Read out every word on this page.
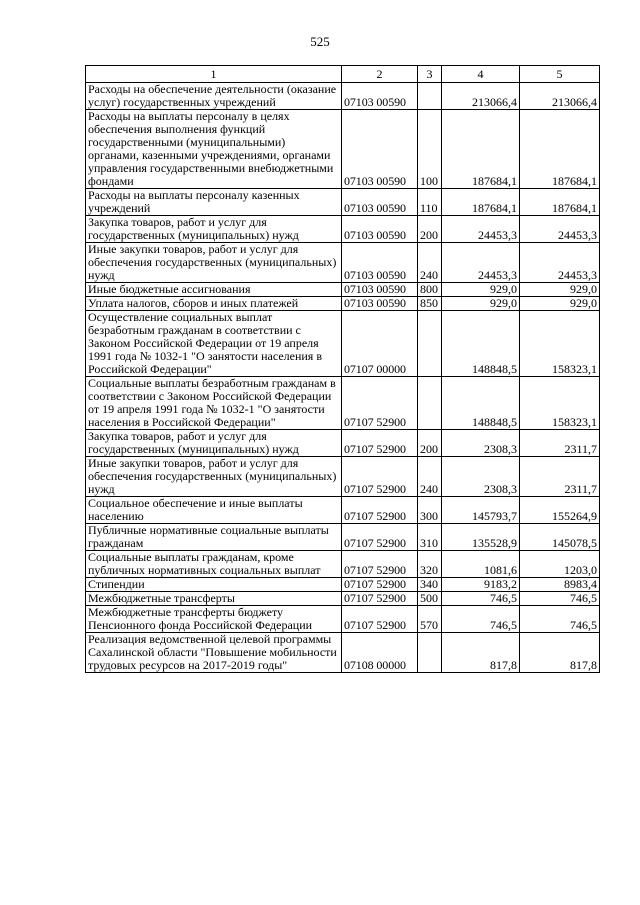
525
1	2	3	4	5
Расходы на обеспечение деятельности (оказание услуг) государственных учреждений	07103 00590		213066,4	213066,4
Расходы на выплаты персоналу в целях обеспечения выполнения функций государственными (муниципальными) органами, казенными учреждениями, органами управления государственными внебюджетными фондами	07103 00590	100	187684,1	187684,1
Расходы на выплаты персоналу казенных учреждений	07103 00590	110	187684,1	187684,1
Закупка товаров, работ и услуг для государственных (муниципальных) нужд	07103 00590	200	24453,3	24453,3
Иные закупки товаров, работ и услуг для обеспечения государственных (муниципальных) нужд	07103 00590	240	24453,3	24453,3
Иные бюджетные ассигнования	07103 00590	800	929,0	929,0
Уплата налогов, сборов и иных платежей	07103 00590	850	929,0	929,0
Осуществление социальных выплат безработным гражданам в соответствии с Законом Российской Федерации от 19 апреля 1991 года № 1032-1 "О занятости населения в Российской Федерации"	07107 00000		148848,5	158323,1
Социальные выплаты безработным гражданам в соответствии с Законом Российской Федерации от 19 апреля 1991 года № 1032-1 "О занятости населения в Российской Федерации"	07107 52900		148848,5	158323,1
Закупка товаров, работ и услуг для государственных (муниципальных) нужд	07107 52900	200	2308,3	2311,7
Иные закупки товаров, работ и услуг для обеспечения государственных (муниципальных) нужд	07107 52900	240	2308,3	2311,7
Социальное обеспечение и иные выплаты населению	07107 52900	300	145793,7	155264,9
Публичные нормативные социальные выплаты гражданам	07107 52900	310	135528,9	145078,5
Социальные выплаты гражданам, кроме публичных нормативных социальных выплат	07107 52900	320	1081,6	1203,0
Стипендии	07107 52900	340	9183,2	8983,4
Межбюджетные трансферты	07107 52900	500	746,5	746,5
Межбюджетные трансферты бюджету Пенсионного фонда Российской Федерации	07107 52900	570	746,5	746,5
Реализация ведомственной целевой программы Сахалинской области "Повышение мобильности трудовых ресурсов на 2017-2019 годы"	07108 00000		817,8	817,8
